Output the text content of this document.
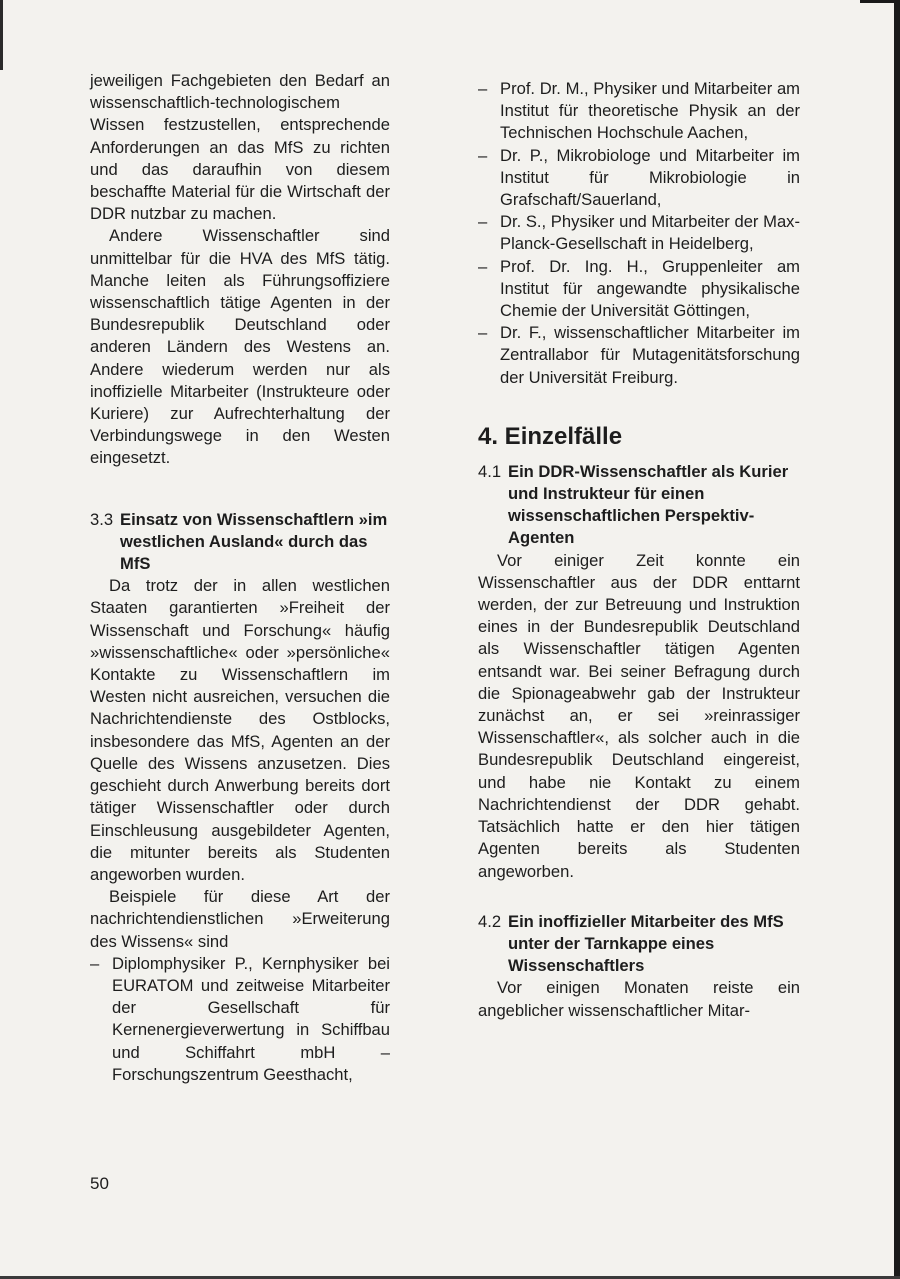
jeweiligen Fachgebieten den Bedarf an wissenschaftlich-technologischem Wissen festzustellen, entsprechende Anforderungen an das MfS zu richten und das daraufhin von diesem beschaffte Material für die Wirtschaft der DDR nutzbar zu machen.

Andere Wissenschaftler sind unmittelbar für die HVA des MfS tätig. Manche leiten als Führungsoffiziere wissenschaftlich tätige Agenten in der Bundesrepublik Deutschland oder anderen Ländern des Westens an. Andere wiederum werden nur als inoffizielle Mitarbeiter (Instrukteure oder Kuriere) zur Aufrechterhaltung der Verbindungswege in den Westen eingesetzt.

3.3 Einsatz von Wissenschaftlern »im westlichen Ausland« durch das MfS

Da trotz der in allen westlichen Staaten garantierten »Freiheit der Wissenschaft und Forschung« häufig »wissenschaftliche« oder »persönliche« Kontakte zu Wissenschaftlern im Westen nicht ausreichen, versuchen die Nachrichtendienste des Ostblocks, insbesondere das MfS, Agenten an der Quelle des Wissens anzusetzen. Dies geschieht durch Anwerbung bereits dort tätiger Wissenschaftler oder durch Einschleusung ausgebildeter Agenten, die mitunter bereits als Studenten angeworben wurden.

Beispiele für diese Art der nachrichtendienstlichen »Erweiterung des Wissens« sind

– Diplomphysiker P., Kernphysiker bei EURATOM und zeitweise Mitarbeiter der Gesellschaft für Kernenergieverwertung in Schiffbau und Schiffahrt mbH – Forschungszentrum Geesthacht,
– Prof. Dr. M., Physiker und Mitarbeiter am Institut für theoretische Physik an der Technischen Hochschule Aachen,
– Dr. P., Mikrobiologe und Mitarbeiter im Institut für Mikrobiologie in Grafschaft/Sauerland,
– Dr. S., Physiker und Mitarbeiter der Max-Planck-Gesellschaft in Heidelberg,
– Prof. Dr. Ing. H., Gruppenleiter am Institut für angewandte physikalische Chemie der Universität Göttingen,
– Dr. F., wissenschaftlicher Mitarbeiter im Zentrallabor für Mutagenitätsforschung der Universität Freiburg.
4. Einzelfälle
4.1 Ein DDR-Wissenschaftler als Kurier und Instrukteur für einen wissenschaftlichen Perspektiv-Agenten

Vor einiger Zeit konnte ein Wissenschaftler aus der DDR enttarnt werden, der zur Betreuung und Instruktion eines in der Bundesrepublik Deutschland als Wissenschaftler tätigen Agenten entsandt war. Bei seiner Befragung durch die Spionageabwehr gab der Instrukteur zunächst an, er sei »reinrassiger Wissenschaftler«, als solcher auch in die Bundesrepublik Deutschland eingereist, und habe nie Kontakt zu einem Nachrichtendienst der DDR gehabt. Tatsächlich hatte er den hier tätigen Agenten bereits als Studenten angeworben.

4.2 Ein inoffizieller Mitarbeiter des MfS unter der Tarnkappe eines Wissenschaftlers

Vor einigen Monaten reiste ein angeblicher wissenschaftlicher Mitar-

50
